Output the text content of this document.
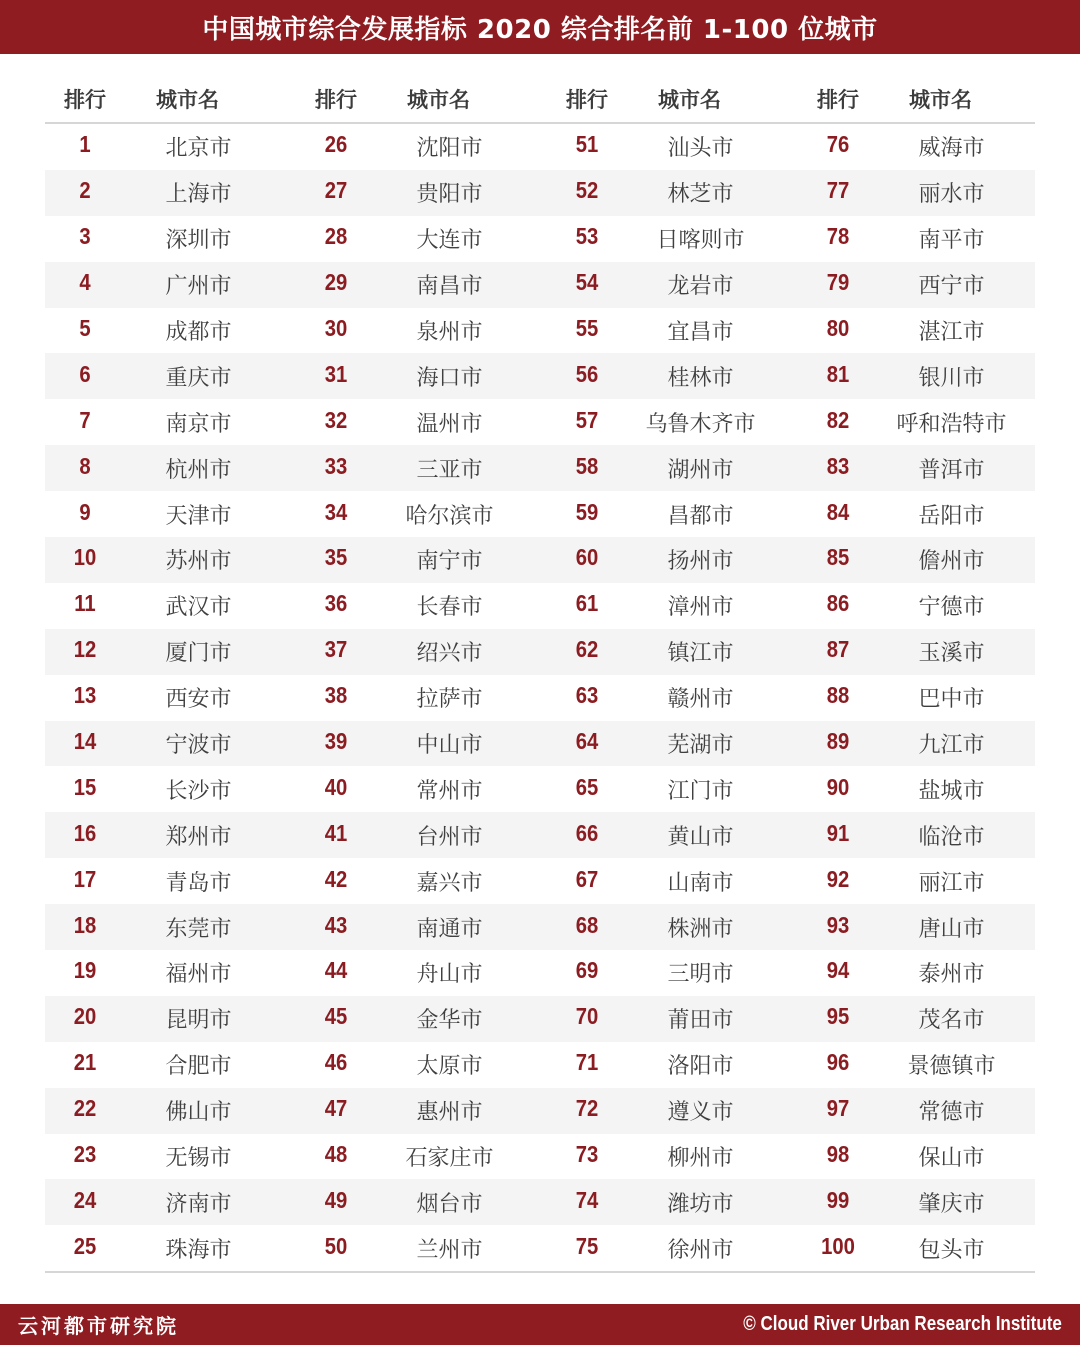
中国城市综合发展指标 2020 综合排名前 1-100 位城市
排行	城市名	排行	城市名	排行	城市名	排行	城市名
1	北京市	26	沈阳市	51	汕头市	76	威海市
2	上海市	27	贵阳市	52	林芝市	77	丽水市
3	深圳市	28	大连市	53	日喀则市	78	南平市
4	广州市	29	南昌市	54	龙岩市	79	西宁市
5	成都市	30	泉州市	55	宜昌市	80	湛江市
6	重庆市	31	海口市	56	桂林市	81	银川市
7	南京市	32	温州市	57	乌鲁木齐市	82	呼和浩特市
8	杭州市	33	三亚市	58	湖州市	83	普洱市
9	天津市	34	哈尔滨市	59	昌都市	84	岳阳市
10	苏州市	35	南宁市	60	扬州市	85	儋州市
11	武汉市	36	长春市	61	漳州市	86	宁德市
12	厦门市	37	绍兴市	62	镇江市	87	玉溪市
13	西安市	38	拉萨市	63	赣州市	88	巴中市
14	宁波市	39	中山市	64	芜湖市	89	九江市
15	长沙市	40	常州市	65	江门市	90	盐城市
16	郑州市	41	台州市	66	黄山市	91	临沧市
17	青岛市	42	嘉兴市	67	山南市	92	丽江市
18	东莞市	43	南通市	68	株洲市	93	唐山市
19	福州市	44	舟山市	69	三明市	94	泰州市
20	昆明市	45	金华市	70	莆田市	95	茂名市
21	合肥市	46	太原市	71	洛阳市	96	景德镇市
22	佛山市	47	惠州市	72	遵义市	97	常德市
23	无锡市	48	石家庄市	73	柳州市	98	保山市
24	济南市	49	烟台市	74	潍坊市	99	肇庆市
25	珠海市	50	兰州市	75	徐州市	100	包头市
云河都市研究院	© Cloud River Urban Research Institute
